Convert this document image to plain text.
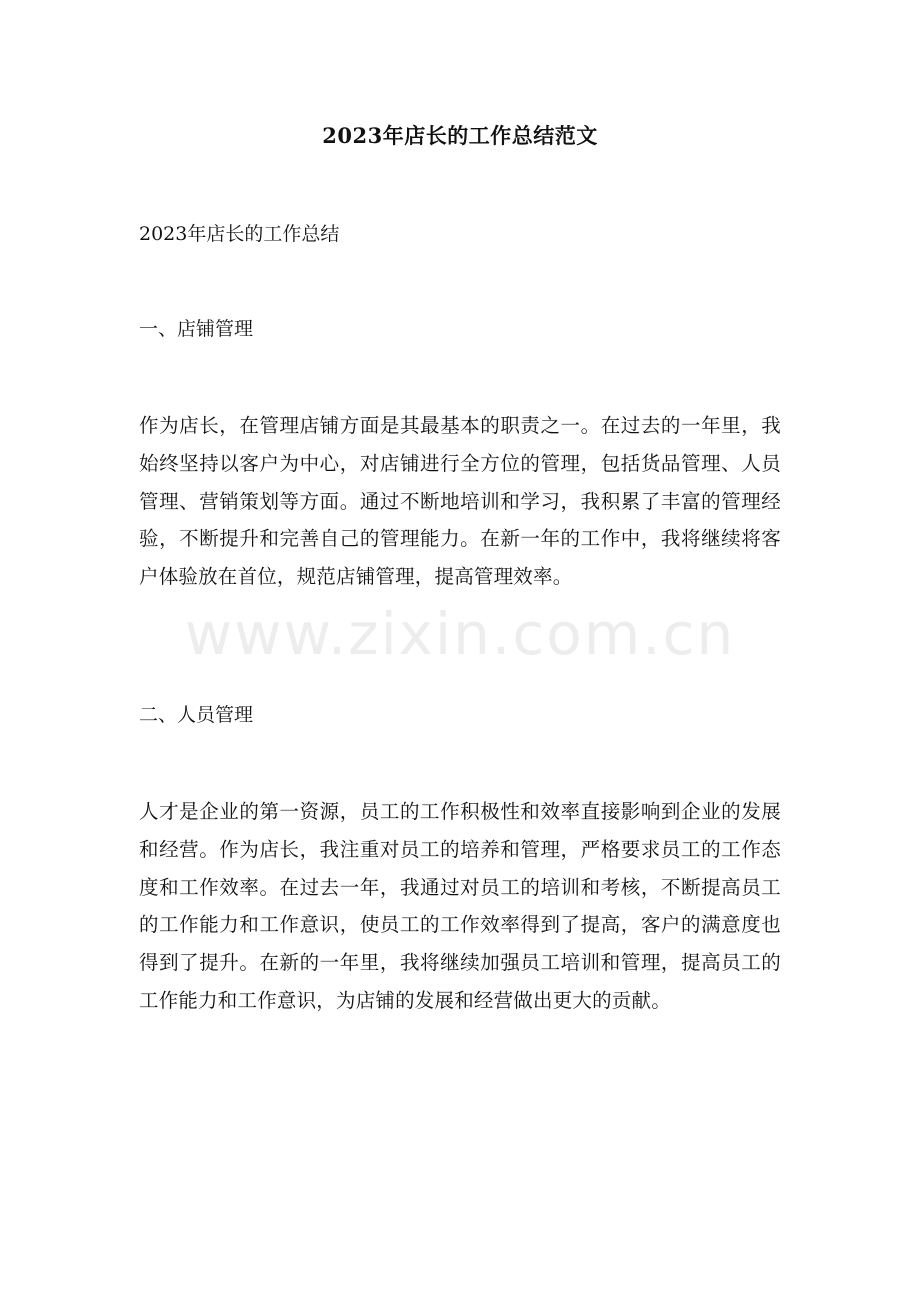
2023年店长的工作总结范文
2023年店长的工作总结
一、店铺管理

作为店长，在管理店铺方面是其最基本的职责之一。在过去的一年里，我始终坚持以客户为中心，对店铺进行全方位的管理，包括货品管理、人员管理、营销策划等方面。通过不断地培训和学习，我积累了丰富的管理经验，不断提升和完善自己的管理能力。在新一年的工作中，我将继续将客户体验放在首位，规范店铺管理，提高管理效率。

二、人员管理

人才是企业的第一资源，员工的工作积极性和效率直接影响到企业的发展和经营。作为店长，我注重对员工的培养和管理，严格要求员工的工作态度和工作效率。在过去一年，我通过对员工的培训和考核，不断提高员工的工作能力和工作意识，使员工的工作效率得到了提高，客户的满意度也得到了提升。在新的一年里，我将继续加强员工培训和管理，提高员工的工作能力和工作意识，为店铺的发展和经营做出更大的贡献。

www.zixin.com.cn
